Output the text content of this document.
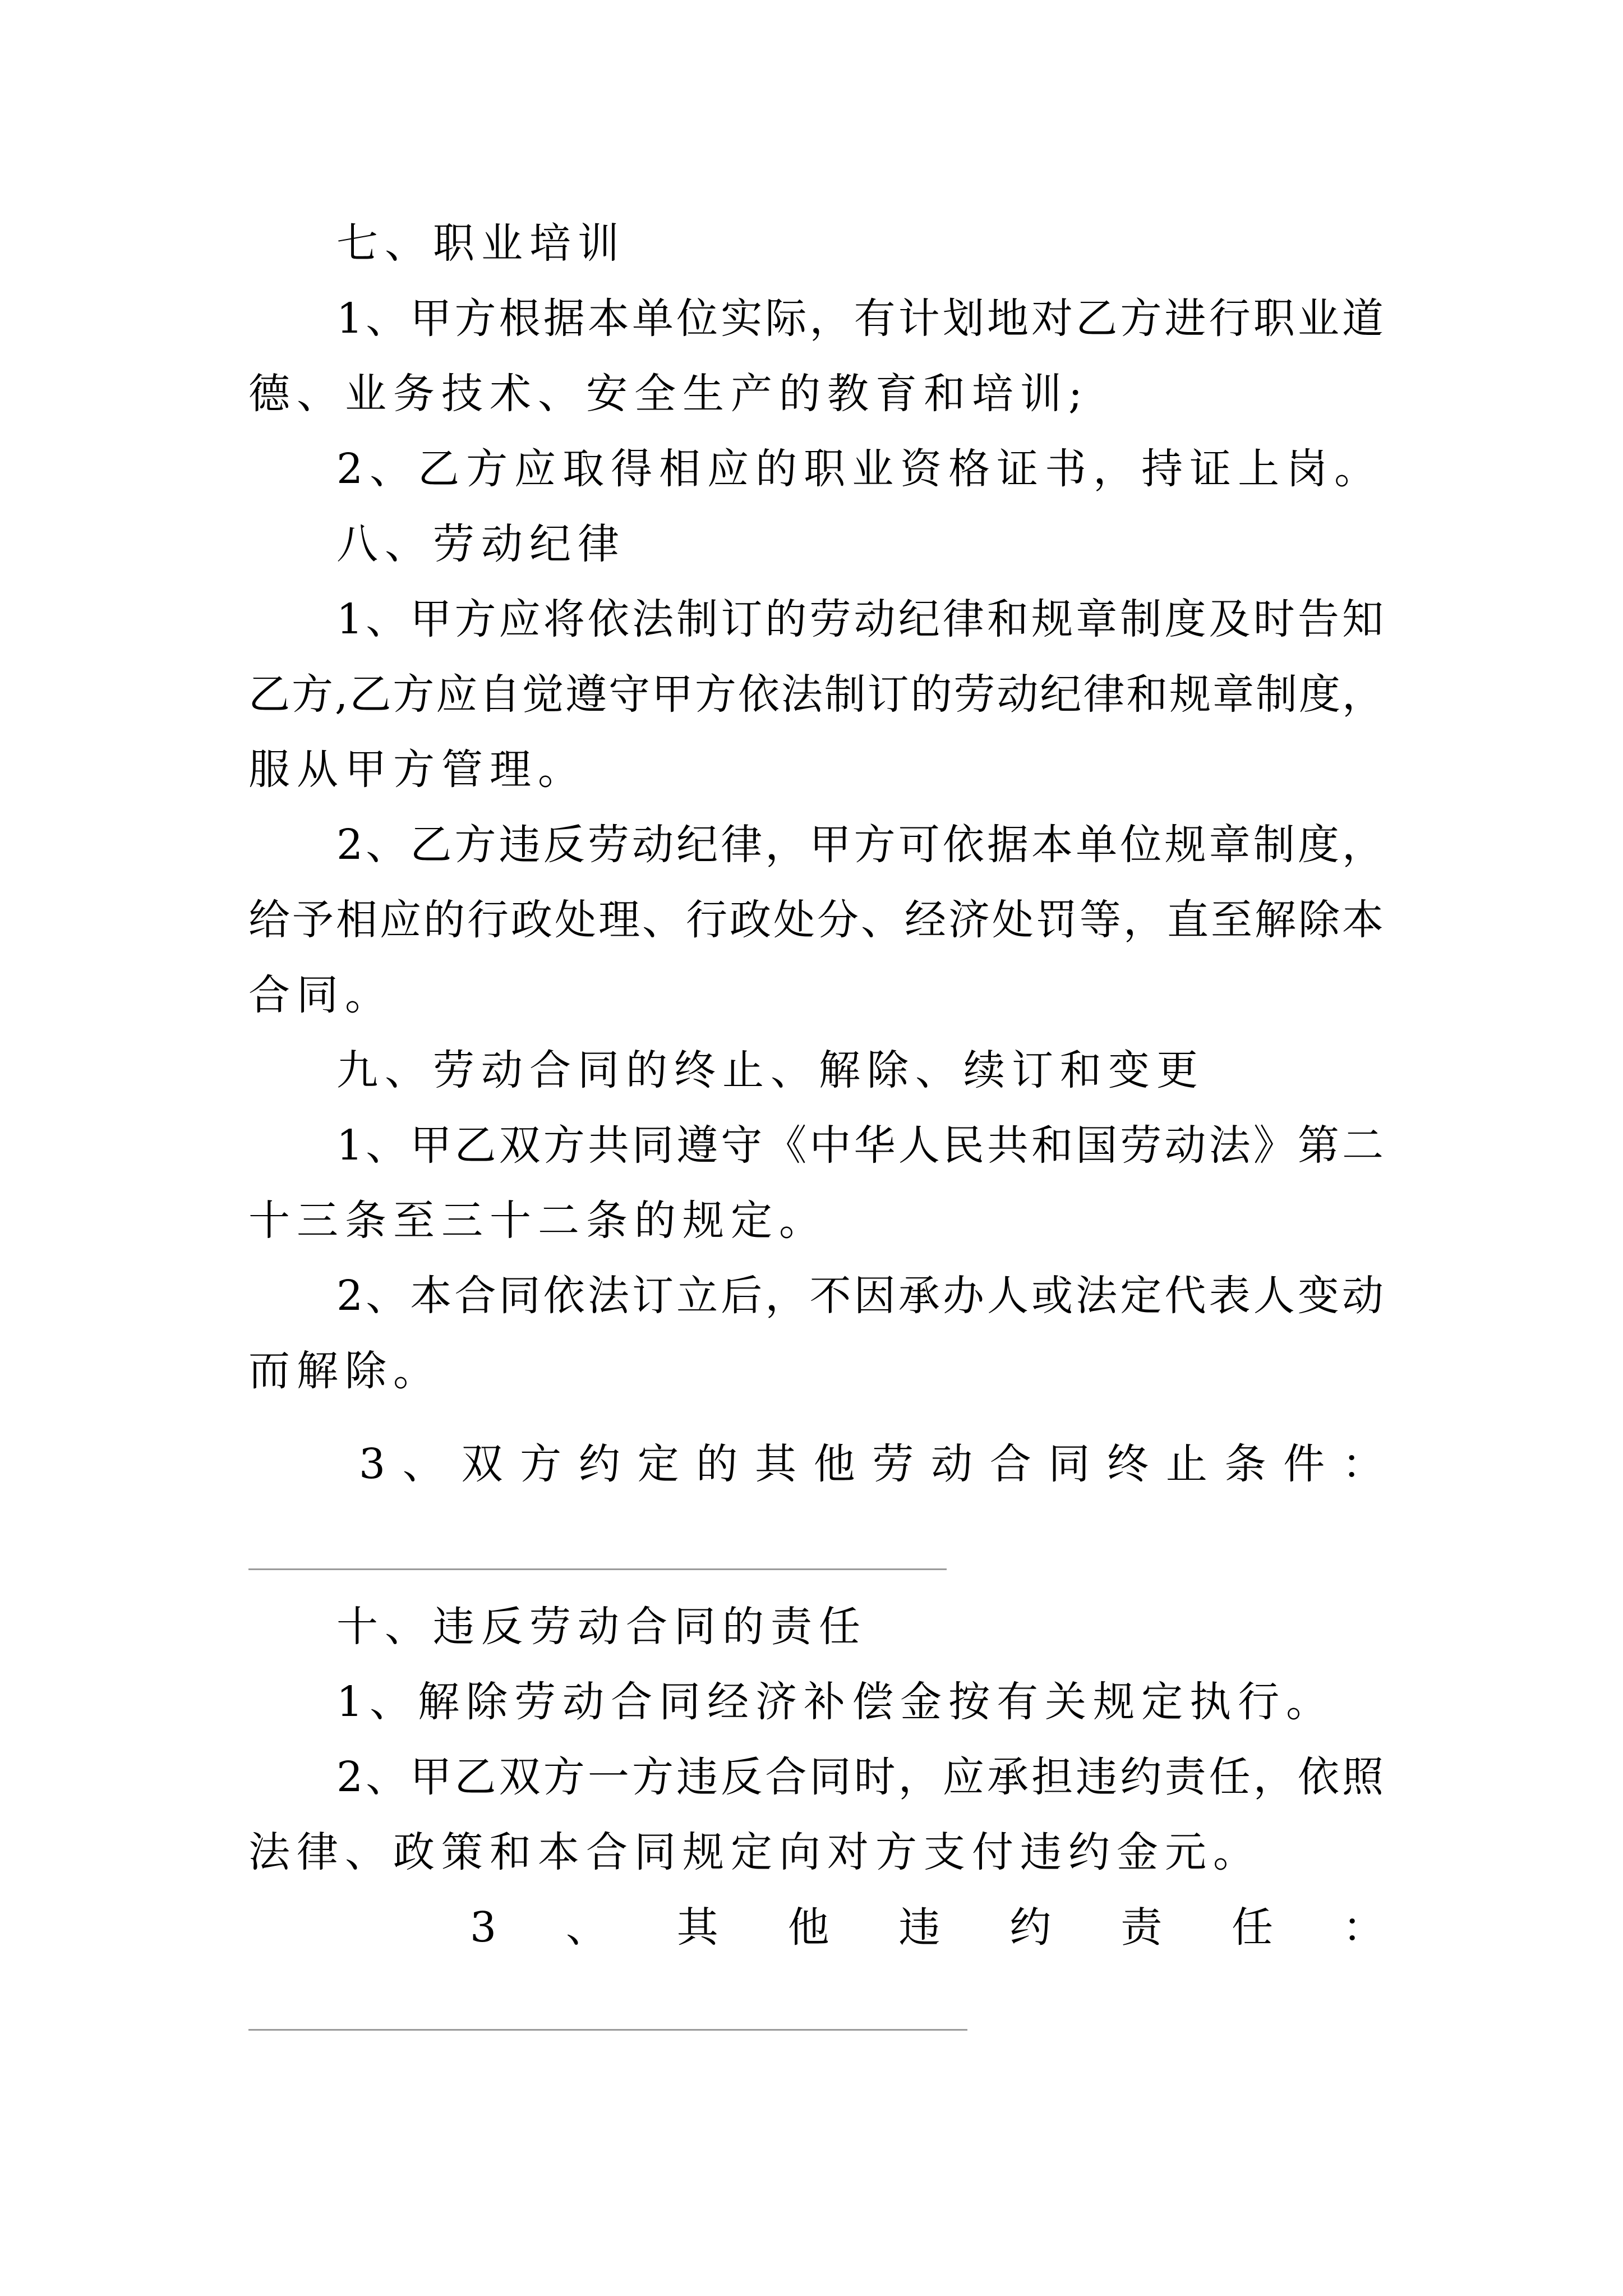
七、职业培训
1、甲方根据本单位实际，有计划地对乙方进行职业道
德、业务技术、安全生产的教育和培训;
2、乙方应取得相应的职业资格证书，持证上岗。
八、劳动纪律
1、甲方应将依法制订的劳动纪律和规章制度及时告知
乙方,乙方应自觉遵守甲方依法制订的劳动纪律和规章制度，
服从甲方管理。
2、乙方违反劳动纪律，甲方可依据本单位规章制度，
给予相应的行政处理、行政处分、经济处罚等，直至解除本
合同。
九、劳动合同的终止、解除、续订和变更
1、甲乙双方共同遵守《中华人民共和国劳动法》第二
十三条至三十二条的规定。
2、本合同依法订立后，不因承办人或法定代表人变动
而解除。
3、双方约定的其他劳动合同终止条件：
十、违反劳动合同的责任
1、解除劳动合同经济补偿金按有关规定执行。
2、甲乙双方一方违反合同时，应承担违约责任，依照
法律、政策和本合同规定向对方支付违约金元。
3、其他违约责任：
